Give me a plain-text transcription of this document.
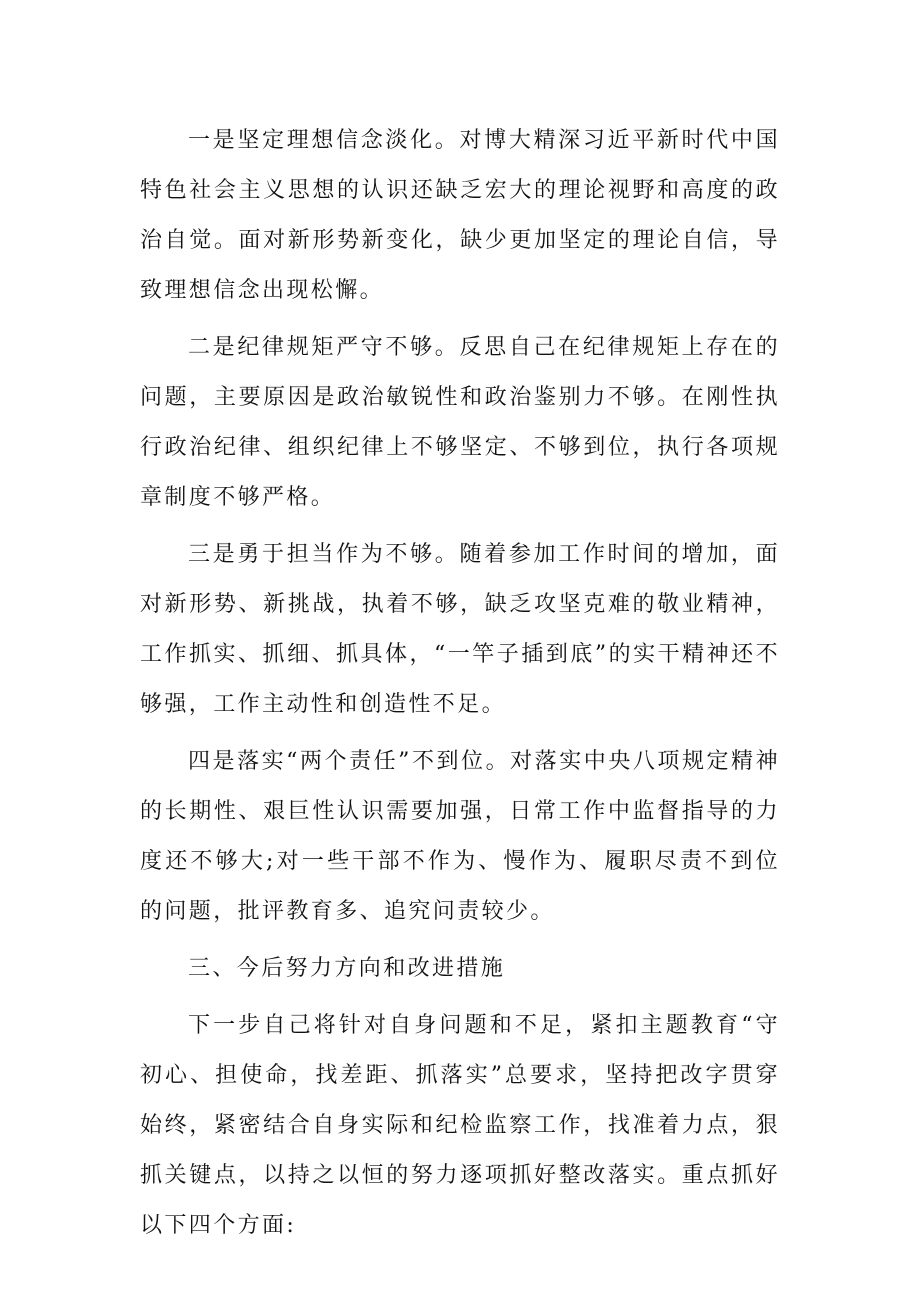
一是坚定理想信念淡化。对博大精深习近平新时代中国特色社会主义思想的认识还缺乏宏大的理论视野和高度的政治自觉。面对新形势新变化，缺少更加坚定的理论自信，导致理想信念出现松懈。

二是纪律规矩严守不够。反思自己在纪律规矩上存在的问题，主要原因是政治敏锐性和政治鉴别力不够。在刚性执行政治纪律、组织纪律上不够坚定、不够到位，执行各项规章制度不够严格。

三是勇于担当作为不够。随着参加工作时间的增加，面对新形势、新挑战，执着不够，缺乏攻坚克难的敬业精神，工作抓实、抓细、抓具体，“一竿子插到底”的实干精神还不够强，工作主动性和创造性不足。

四是落实“两个责任”不到位。对落实中央八项规定精神的长期性、艰巨性认识需要加强，日常工作中监督指导的力度还不够大;对一些干部不作为、慢作为、履职尽责不到位的问题，批评教育多、追究问责较少。

三、今后努力方向和改进措施

下一步自己将针对自身问题和不足，紧扣主题教育“守初心、担使命，找差距、抓落实”总要求，坚持把改字贯穿始终，紧密结合自身实际和纪检监察工作，找准着力点，狠抓关键点，以持之以恒的努力逐项抓好整改落实。重点抓好以下四个方面:
